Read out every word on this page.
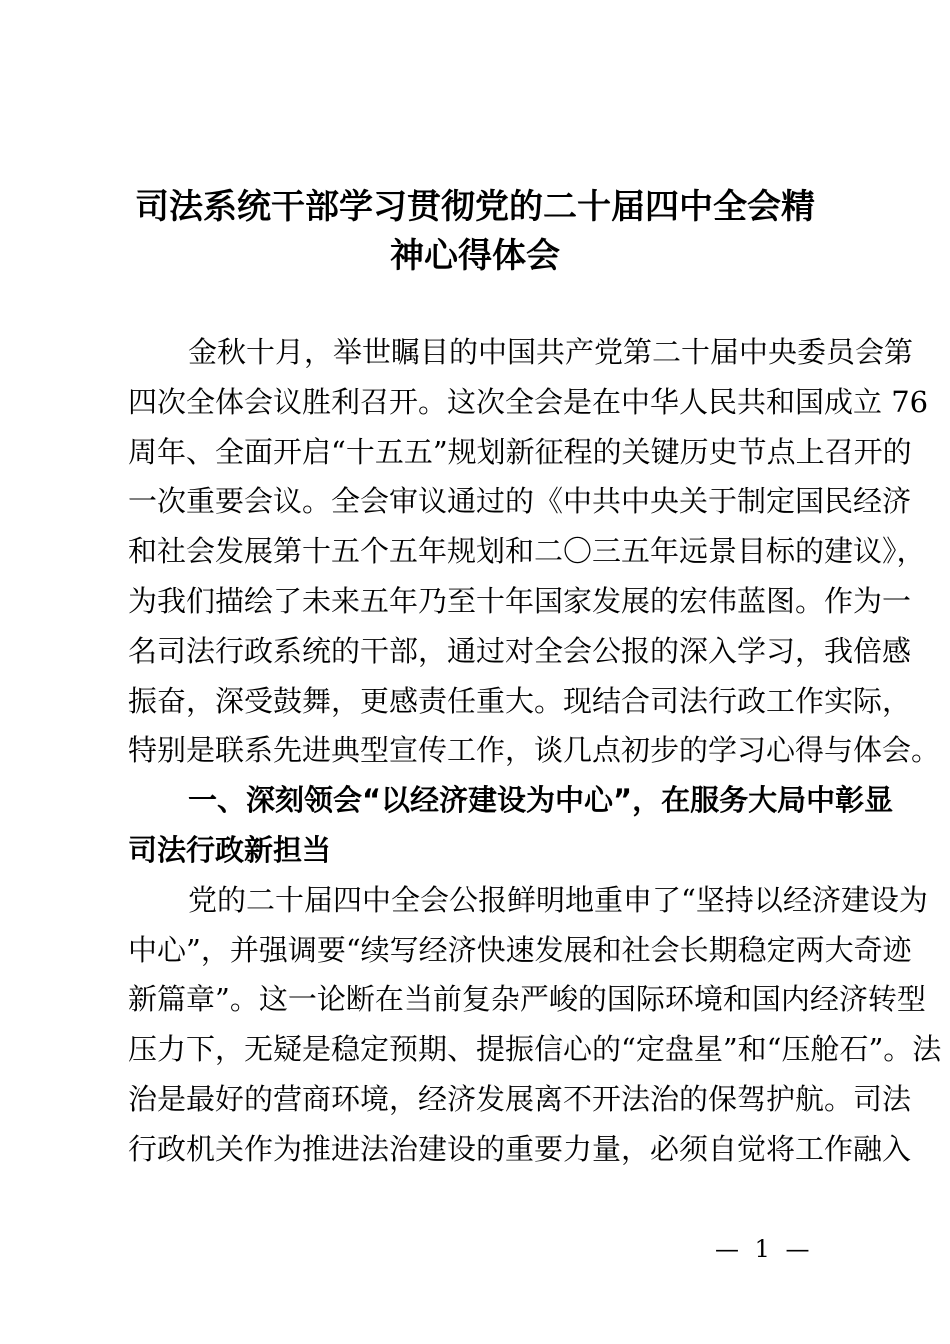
司法系统干部学习贯彻党的二十届四中全会精
神心得体会
金秋十月，举世瞩目的中国共产党第二十届中央委员会第
四次全体会议胜利召开。这次全会是在中华人民共和国成立 76
周年、全面开启“十五五”规划新征程的关键历史节点上召开的
一次重要会议。全会审议通过的《中共中央关于制定国民经济
和社会发展第十五个五年规划和二〇三五年远景目标的建议》，
为我们描绘了未来五年乃至十年国家发展的宏伟蓝图。作为一
名司法行政系统的干部，通过对全会公报的深入学习，我倍感
振奋，深受鼓舞，更感责任重大。现结合司法行政工作实际，
特别是联系先进典型宣传工作，谈几点初步的学习心得与体会。
一、深刻领会“以经济建设为中心”，在服务大局中彰显
司法行政新担当
党的二十届四中全会公报鲜明地重申了“坚持以经济建设为
中心”，并强调要“续写经济快速发展和社会长期稳定两大奇迹
新篇章”。这一论断在当前复杂严峻的国际环境和国内经济转型
压力下，无疑是稳定预期、提振信心的“定盘星”和“压舱石”。法
治是最好的营商环境，经济发展离不开法治的保驾护航。司法
行政机关作为推进法治建设的重要力量，必须自觉将工作融入
— 1 —
